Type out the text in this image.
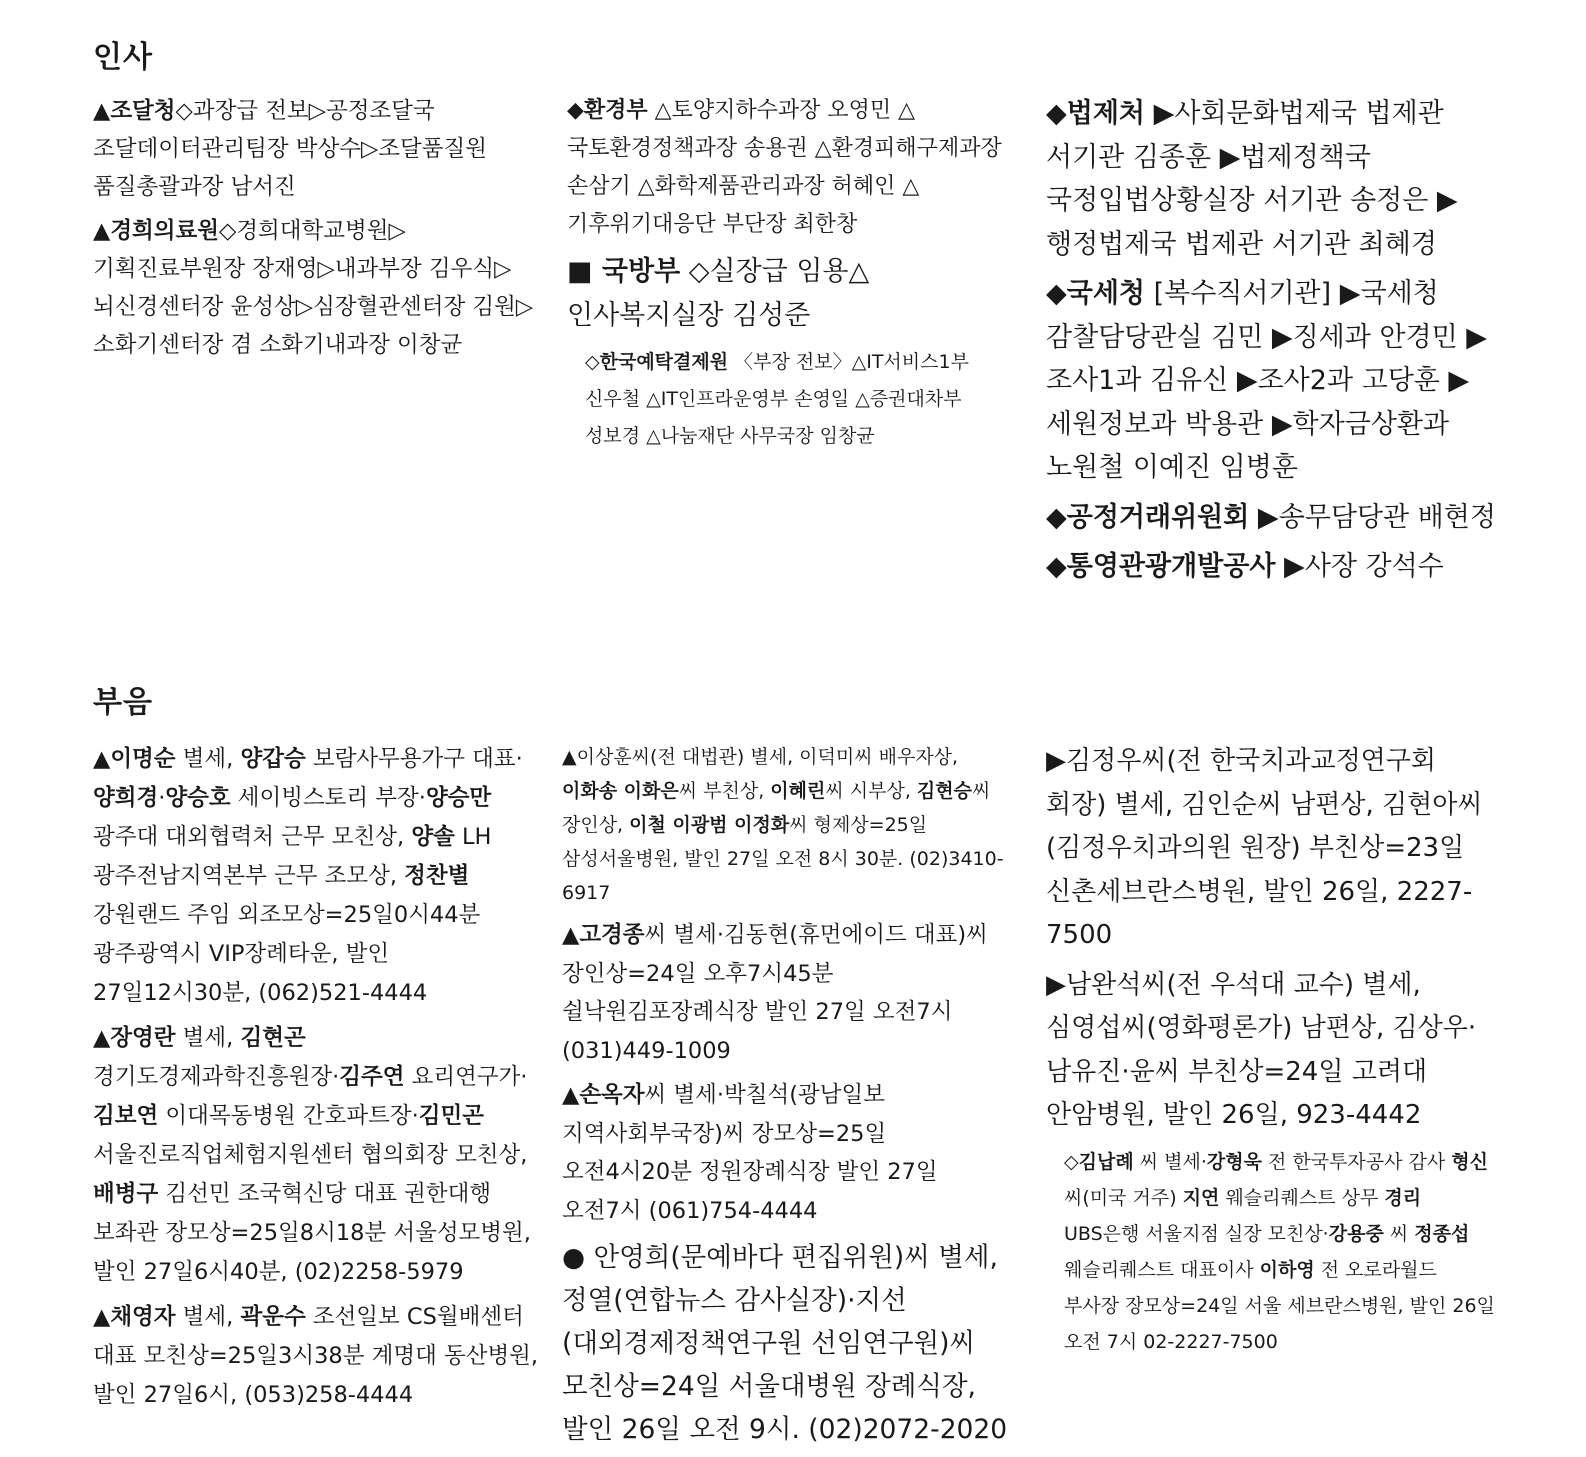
인사

▲조달청◇과장급 전보▷공정조달국 조달데이터관리팀장 박상수▷조달품질원 품질총괄과장 남서진

▲경희의료원◇경희대학교병원▷기획진료부원장 장재영▷내과부장 김우식▷뇌신경센터장 윤성상▷심장혈관센터장 김원▷소화기센터장 겸 소화기내과장 이창균

◆환경부 △토양지하수과장 오영민 △국토환경정책과장 송용권 △환경피해구제과장 손삼기 △화학제품관리과장 허혜인 △기후위기대응단 부단장 최한창

■ 국방부 ◇실장급 임용△인사복지실장 김성준

◇한국예탁결제원 〈부장 전보〉△IT서비스1부 신우철 △IT인프라운영부 손영일 △증권대차부 성보경 △나눔재단 사무국장 임창균

◆법제처 ▶사회문화법제국 법제관 서기관 김종훈 ▶법제정책국 국정입법상황실장 서기관 송정은 ▶행정법제국 법제관 서기관 최혜경

◆국세청 [복수직서기관] ▶국세청 감찰담당관실 김민 ▶징세과 안경민 ▶조사1과 김유신 ▶조사2과 고당훈 ▶세원정보과 박용관 ▶학자금상환과 노원철 이예진 임병훈

◆공정거래위원회 ▶송무담당관 배현정

◆통영관광개발공사 ▶사장 강석수

부음

▲이명순 별세, 양갑승 보람사무용가구 대표·양희경·양승호 세이빙스토리 부장·양승만 광주대 대외협력처 근무 모친상, 양솔 LH 광주전남지역본부 근무 조모상, 정찬별 강원랜드 주임 외조모상=25일0시44분 광주광역시 VIP장례타운, 발인 27일12시30분, (062)521-4444

▲장영란 별세, 김현곤 경기도경제과학진흥원장·김주연 요리연구가·김보연 이대목동병원 간호파트장·김민곤 서울진로직업체험지원센터 협의회장 모친상, 배병구 김선민 조국혁신당 대표 권한대행 보좌관 장모상=25일8시18분 서울성모병원, 발인 27일6시40분, (02)2258-5979

▲채영자 별세, 곽운수 조선일보 CS월배센터 대표 모친상=25일3시38분 계명대 동산병원, 발인 27일6시, (053)258-4444

▲이상훈씨(전 대법관) 별세, 이덕미씨 배우자상, 이화송 이화은씨 부친상, 이혜린씨 시부상, 김현승씨 장인상, 이철 이광범 이정화씨 형제상=25일 삼성서울병원, 발인 27일 오전 8시 30분. (02)3410-6917

▲고경종씨 별세·김동현(휴먼에이드 대표)씨 장인상=24일 오후7시45분 쉴낙원김포장례식장 발인 27일 오전7시 (031)449-1009

▲손옥자씨 별세·박칠석(광남일보 지역사회부국장)씨 장모상=25일 오전4시20분 정원장례식장 발인 27일 오전7시 (061)754-4444

● 안영희(문예바다 편집위원)씨 별세, 정열(연합뉴스 감사실장)·지선(대외경제정책연구원 선임연구원)씨 모친상=24일 서울대병원 장례식장, 발인 26일 오전 9시. (02)2072-2020

▶김정우씨(전 한국치과교정연구회 회장) 별세, 김인순씨 남편상, 김현아씨(김정우치과의원 원장) 부친상=23일 신촌세브란스병원, 발인 26일, 2227-7500

▶남완석씨(전 우석대 교수) 별세, 심영섭씨(영화평론가) 남편상, 김상우·남유진·윤씨 부친상=24일 고려대 안암병원, 발인 26일, 923-4442

◇김납례 씨 별세·강형욱 전 한국투자공사 감사 형신 씨(미국 거주) 지연 웨슬리퀘스트 상무 경리 UBS은행 서울지점 실장 모친상·강용중 씨 정종섭 웨슬리퀘스트 대표이사 이하영 전 오로라월드 부사장 장모상=24일 서울 세브란스병원, 발인 26일 오전 7시 02-2227-7500
